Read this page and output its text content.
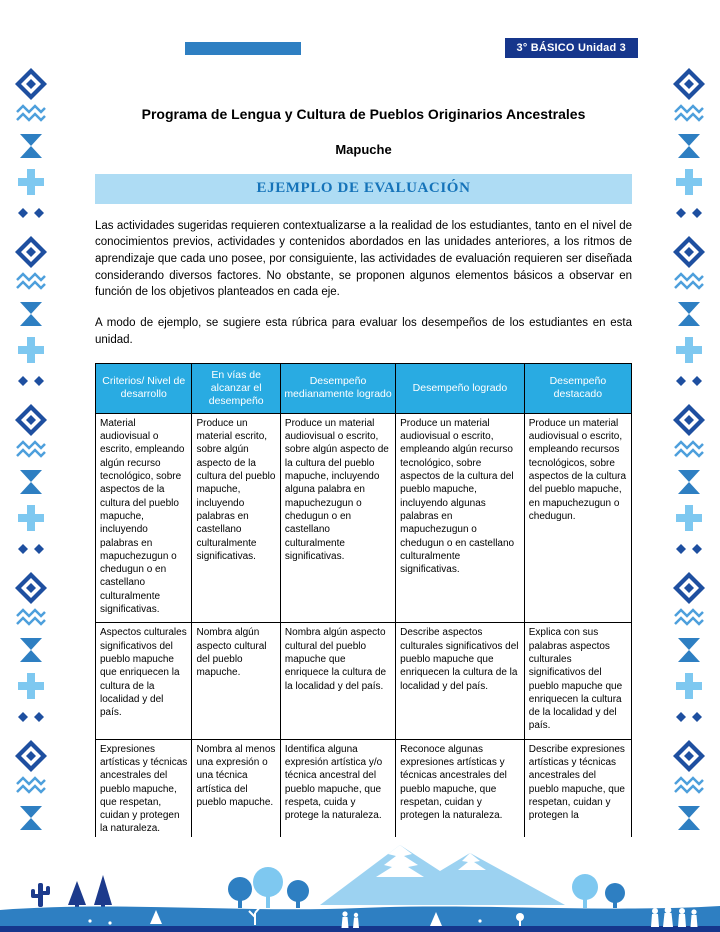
3° BÁSICO Unidad 3
Programa de Lengua y Cultura de Pueblos Originarios Ancestrales
Mapuche
EJEMPLO DE EVALUACIÓN

Las actividades sugeridas requieren contextualizarse a la realidad de los estudiantes, tanto en el nivel de conocimientos previos, actividades y contenidos abordados en las unidades anteriores, a los ritmos de aprendizaje que cada uno posee, por consiguiente, las actividades de evaluación requieren ser diseñada considerando diversos factores. No obstante, se proponen algunos elementos básicos a observar en función de los objetivos planteados en cada eje.

A modo de ejemplo, se sugiere esta rúbrica para evaluar los desempeños de los estudiantes en esta unidad.

Criterios/ Nivel de desarrollo	En vías de alcanzar el desempeño	Desempeño medianamente logrado	Desempeño logrado	Desempeño destacado
Material audiovisual o escrito, empleando algún recurso tecnológico, sobre aspectos de la cultura del pueblo mapuche, incluyendo palabras en mapuchezugun o chedugun o en castellano culturalmente significativas.	Produce un material escrito, sobre algún aspecto de la cultura del pueblo mapuche, incluyendo palabras en castellano culturalmente significativas.	Produce un material audiovisual o escrito, sobre algún aspecto de la cultura del pueblo mapuche, incluyendo alguna palabra en mapuchezugun o chedugun o en castellano culturalmente significativas.	Produce un material audiovisual o escrito, empleando algún recurso tecnológico, sobre aspectos de la cultura del pueblo mapuche, incluyendo algunas palabras en mapuchezugun o chedugun o en castellano culturalmente significativas.	Produce un material audiovisual o escrito, empleando recursos tecnológicos, sobre aspectos de la cultura del pueblo mapuche, en mapuchezugun o chedugun.
Aspectos culturales significativos del pueblo mapuche que enriquecen la cultura de la localidad y del país.	Nombra algún aspecto cultural del pueblo mapuche.	Nombra algún aspecto cultural del pueblo mapuche que enriquece la cultura de la localidad y del país.	Describe aspectos culturales significativos del pueblo mapuche que enriquecen la cultura de la localidad y del país.	Explica con sus palabras aspectos culturales significativos del pueblo mapuche que enriquecen la cultura de la localidad y del país.
Expresiones artísticas y técnicas ancestrales del pueblo mapuche, que respetan, cuidan y protegen la naturaleza.	Nombra al menos una expresión o una técnica artística del pueblo mapuche.	Identifica alguna expresión artística y/o técnica ancestral del pueblo mapuche, que respeta, cuida y protege la naturaleza.	Reconoce algunas expresiones artísticas y técnicas ancestrales del pueblo mapuche, que respetan, cuidan y protegen la naturaleza.	Describe expresiones artísticas y técnicas ancestrales del pueblo mapuche, que respetan, cuidan y protegen la
